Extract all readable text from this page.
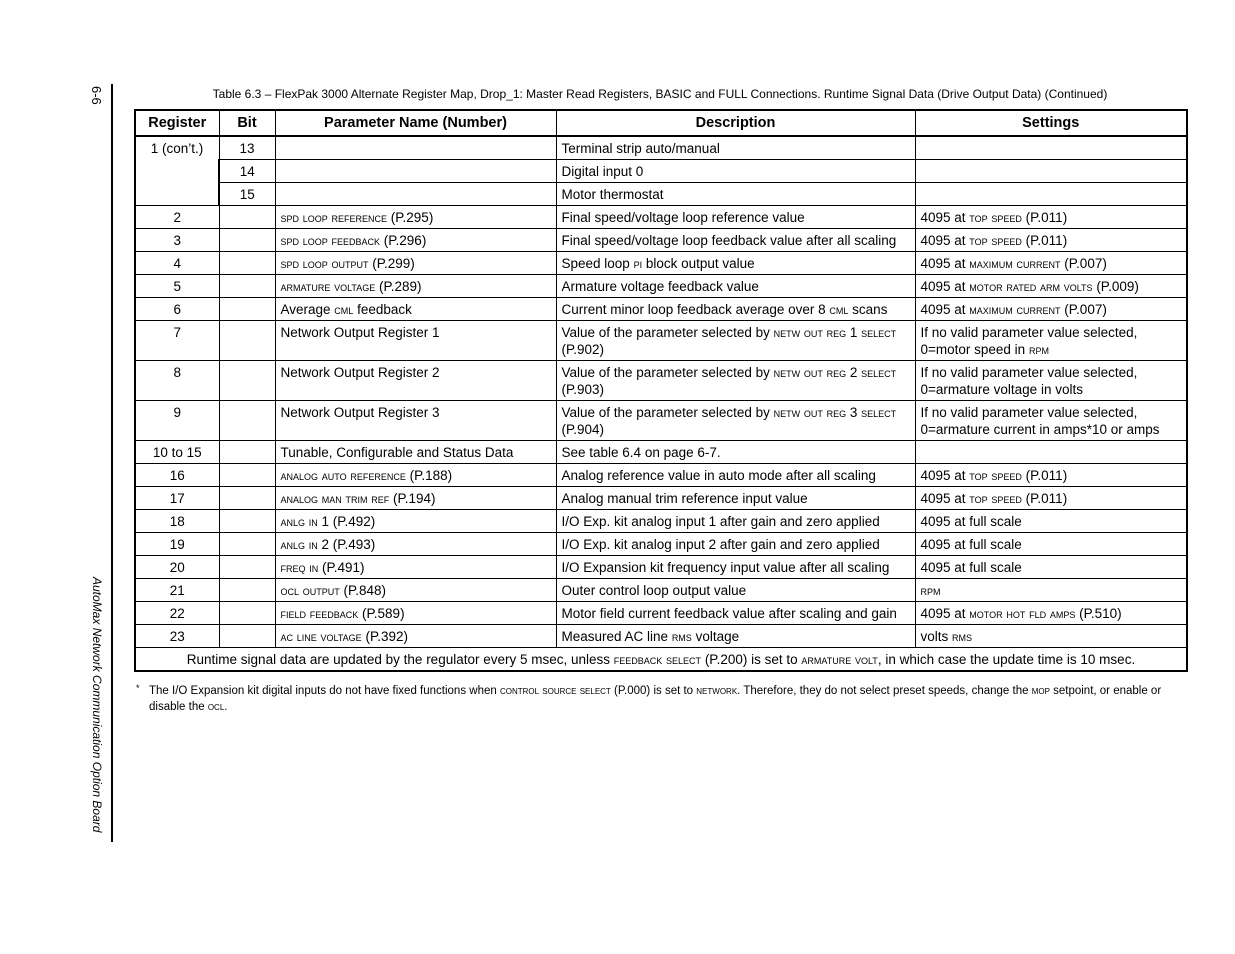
6-6
AutoMax Network Communication Option Board
Table 6.3 – FlexPak 3000 Alternate Register Map, Drop_1: Master Read Registers, BASIC and FULL Connections. Runtime Signal Data (Drive Output Data) (Continued)
Register	Bit	Parameter Name (Number)	Description	Settings
1 (con’t.)	13		Terminal strip auto/manual	
	14		Digital input 0	
	15		Motor thermostat	
2		spd loop reference (P.295)	Final speed/voltage loop reference value	4095 at top speed (P.011)
3		spd loop feedback (P.296)	Final speed/voltage loop feedback value after all scaling	4095 at top speed (P.011)
4		spd loop output (P.299)	Speed loop pi block output value	4095 at maximum current (P.007)
5		armature voltage (P.289)	Armature voltage feedback value	4095 at motor rated arm volts (P.009)
6		Average cml feedback	Current minor loop feedback average over 8 cml scans	4095 at maximum current (P.007)
7		Network Output Register 1	Value of the parameter selected by netw out reg 1 select (P.902)	If no valid parameter value selected, 0=motor speed in rpm
8		Network Output Register 2	Value of the parameter selected by netw out reg 2 select (P.903)	If no valid parameter value selected, 0=armature voltage in volts
9		Network Output Register 3	Value of the parameter selected by netw out reg 3 select (P.904)	If no valid parameter value selected, 0=armature current in amps*10 or amps
10 to 15		Tunable, Configurable and Status Data	See table 6.4 on page 6-7.	
16		analog auto reference (P.188)	Analog reference value in auto mode after all scaling	4095 at top speed (P.011)
17		analog man trim ref (P.194)	Analog manual trim reference input value	4095 at top speed (P.011)
18		anlg in 1 (P.492)	I/O Exp. kit analog input 1 after gain and zero applied	4095 at full scale
19		anlg in 2 (P.493)	I/O Exp. kit analog input 2 after gain and zero applied	4095 at full scale
20		freq in (P.491)	I/O Expansion kit frequency input value after all scaling	4095 at full scale
21		ocl output (P.848)	Outer control loop output value	rpm
22		field feedback (P.589)	Motor field current feedback value after scaling and gain	4095 at motor hot fld amps (P.510)
23		ac line voltage (P.392)	Measured AC line rms voltage	volts rms
Runtime signal data are updated by the regulator every 5 msec, unless feedback select (P.200) is set to armature volt, in which case the update time is 10 msec.				
* The I/O Expansion kit digital inputs do not have fixed functions when control source select (P.000) is set to network. Therefore, they do not select preset speeds, change the mop setpoint, or enable or disable the ocl.
